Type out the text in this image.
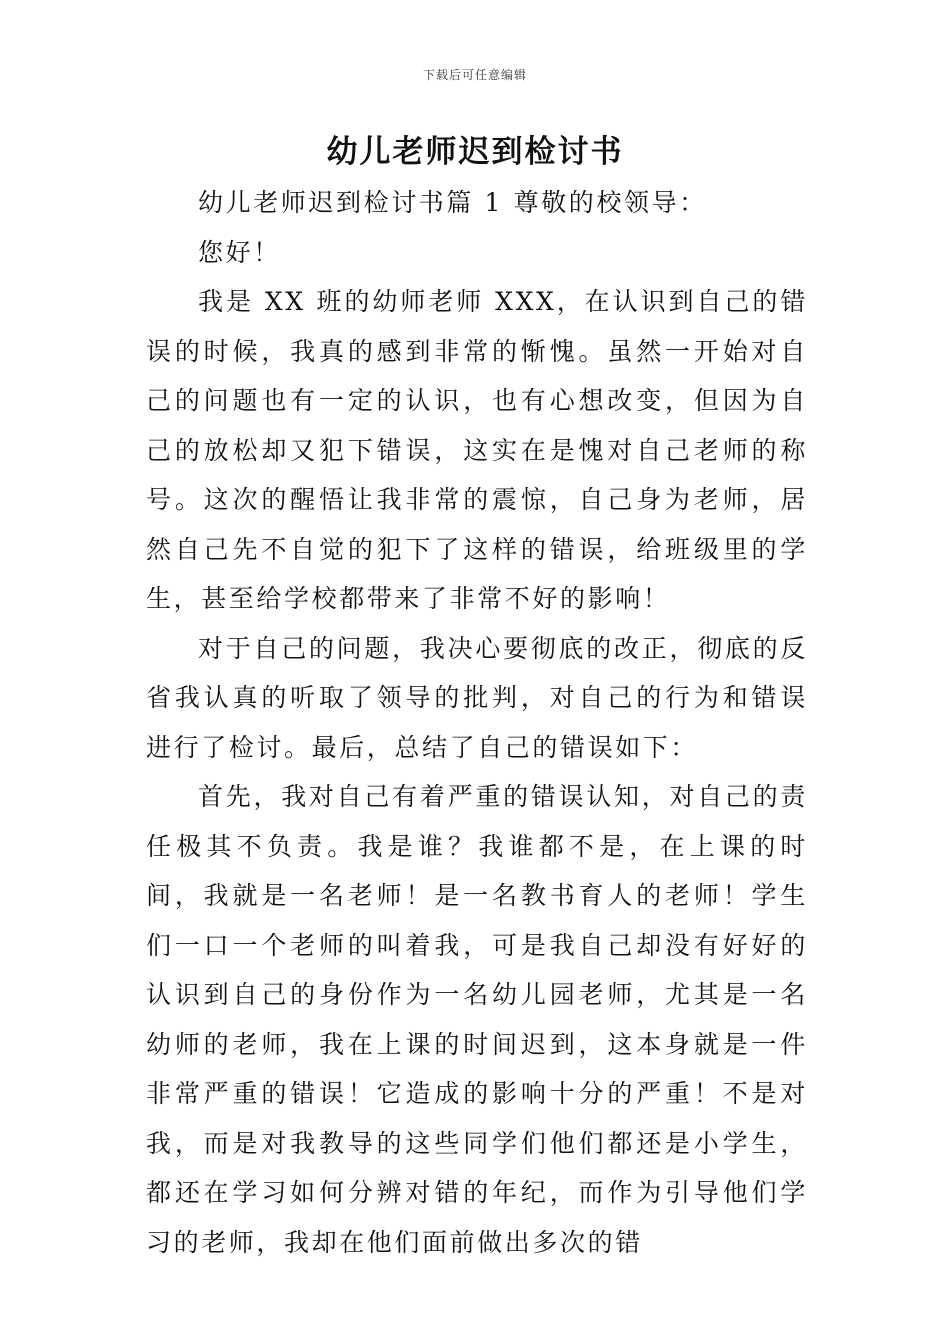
下载后可任意编辑
幼儿老师迟到检讨书

幼儿老师迟到检讨书篇 1 尊敬的校领导：

您好！

我是 XX 班的幼师老师 XXX，在认识到自己的错误的时候，我真的感到非常的惭愧。虽然一开始对自己的问题也有一定的认识，也有心想改变，但因为自己的放松却又犯下错误，这实在是愧对自己老师的称号。这次的醒悟让我非常的震惊，自己身为老师，居然自己先不自觉的犯下了这样的错误，给班级里的学生，甚至给学校都带来了非常不好的影响！

对于自己的问题，我决心要彻底的改正，彻底的反省我认真的听取了领导的批判，对自己的行为和错误进行了检讨。最后，总结了自己的错误如下：

首先，我对自己有着严重的错误认知，对自己的责任极其不负责。我是谁？我谁都不是，在上课的时间，我就是一名老师！是一名教书育人的老师！学生们一口一个老师的叫着我，可是我自己却没有好好的认识到自己的身份作为一名幼儿园老师，尤其是一名幼师的老师，我在上课的时间迟到，这本身就是一件非常严重的错误！它造成的影响十分的严重！不是对我，而是对我教导的这些同学们他们都还是小学生，都还在学习如何分辨对错的年纪，而作为引导他们学习的老师，我却在他们面前做出多次的错
